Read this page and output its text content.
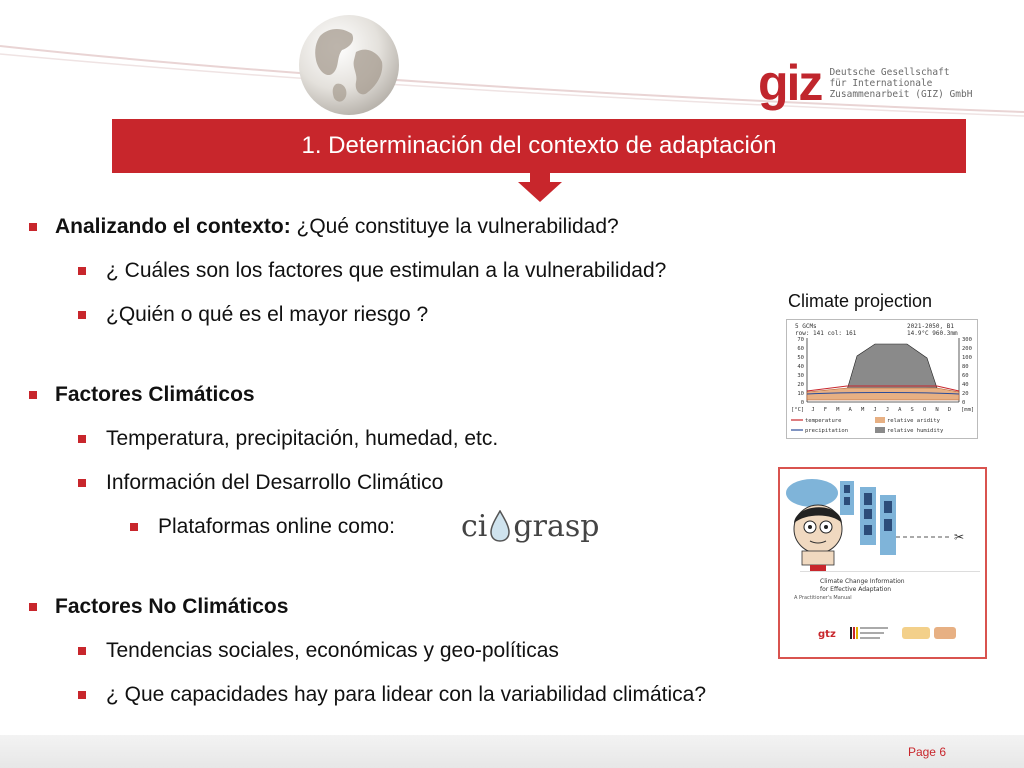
giz Deutsche Gesellschaft
für Internationale
Zusammenarbeit (GIZ) GmbH
1. Determinación del contexto de adaptación
Analizando el contexto: ¿Qué constituye la vulnerabilidad?
¿ Cuáles son los factores que estimulan a la vulnerabilidad?
¿Quién o qué es el mayor riesgo ?
Factores Climáticos
Temperatura, precipitación, humedad, etc.
Información del Desarrollo Climático
Plataformas online como:
Factores No Climáticos
Tendencias sociales, económicas y geo-políticas
¿ Que capacidades hay para lidear con la variabilidad climática?
ci grasp
Climate projection
5 GCMs
row: 141 col: 161
2021-2050, B1
14.9°C 960.3mm
70
60
50
40
30
20
10
0
300
200
100
80
60
40
20
0
[°C] J F M A M J J A S O N D [mm]
temperature	relative aridity
precipitation	relative humidity
✂
Climate Change Information
for Effective Adaptation
A Practitioner's Manual
gtz
Page 6
